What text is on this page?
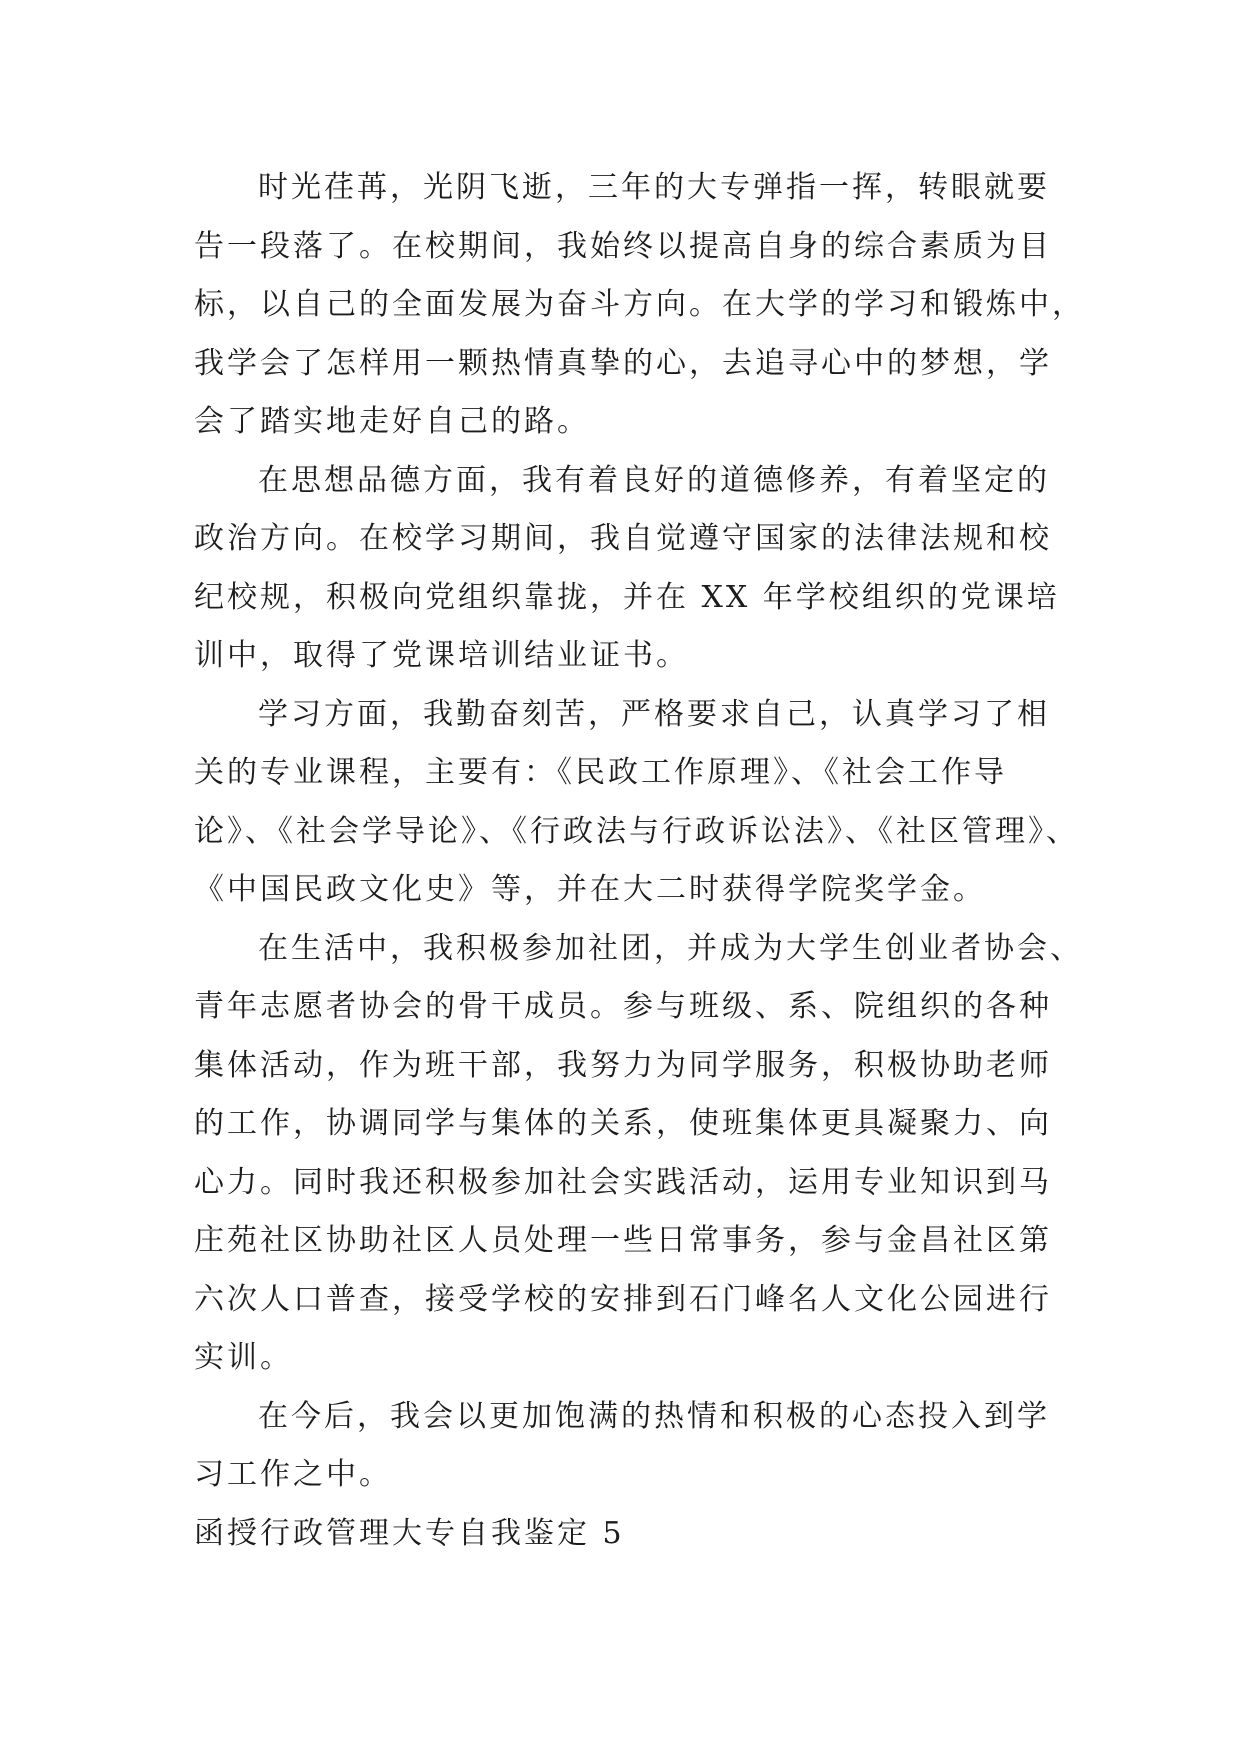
时光荏苒，光阴飞逝，三年的大专弹指一挥，转眼就要
告一段落了。在校期间，我始终以提高自身的综合素质为目
标，以自己的全面发展为奋斗方向。在大学的学习和锻炼中，
我学会了怎样用一颗热情真挚的心，去追寻心中的梦想，学
会了踏实地走好自己的路。
在思想品德方面，我有着良好的道德修养，有着坚定的
政治方向。在校学习期间，我自觉遵守国家的法律法规和校
纪校规，积极向党组织靠拢，并在 XX 年学校组织的党课培
训中，取得了党课培训结业证书。
学习方面，我勤奋刻苦，严格要求自己，认真学习了相
关的专业课程，主要有：《民政工作原理》、《社会工作导
论》、《社会学导论》、《行政法与行政诉讼法》、《社区管理》、
《中国民政文化史》等，并在大二时获得学院奖学金。
在生活中，我积极参加社团，并成为大学生创业者协会、
青年志愿者协会的骨干成员。参与班级、系、院组织的各种
集体活动，作为班干部，我努力为同学服务，积极协助老师
的工作，协调同学与集体的关系，使班集体更具凝聚力、向
心力。同时我还积极参加社会实践活动，运用专业知识到马
庄苑社区协助社区人员处理一些日常事务，参与金昌社区第
六次人口普查，接受学校的安排到石门峰名人文化公园进行
实训。
在今后，我会以更加饱满的热情和积极的心态投入到学
习工作之中。
函授行政管理大专自我鉴定 5
